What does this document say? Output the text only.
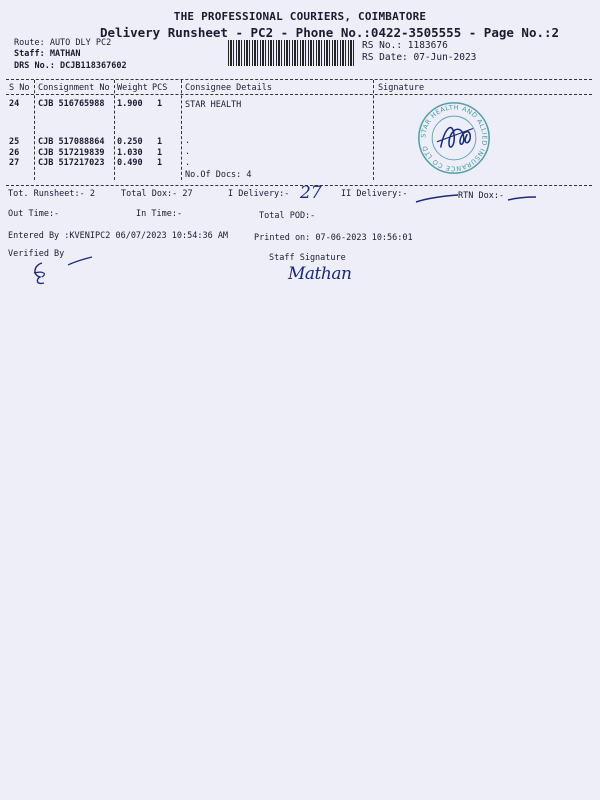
THE PROFESSIONAL COURIERS, COIMBATORE
Delivery Runsheet - PC2 - Phone No.:0422-3505555 - Page No.:2
Route: AUTO DLY PC2
Staff: MATHAN
DRS No.: DCJB118367602
RS No.: 1183676
RS Date: 07-Jun-2023
S No Consignment No Weight PCS Consignee Details	Signature
24 CJB 516765988 1.900 1	STAR HEALTH
25 CJB 517088864 0.250 1	.
26 CJB 517219839 1.030 1	.
27 CJB 517217023 0.490 1	.
No.Of Docs: 4
STAR HEALTH AND ALLIED INSURANCE CO LTD
Tot. Runsheet:- 2	Total Dox:- 27	I Delivery:- 27 II Delivery:-	RTN Dox:-
Out Time:-	In Time:-	Total POD:-
Entered By :KVENIPC2 06/07/2023 10:54:36 AM	Printed on: 07-06-2023 10:56:01
Verified By	Staff Signature
Mathan
